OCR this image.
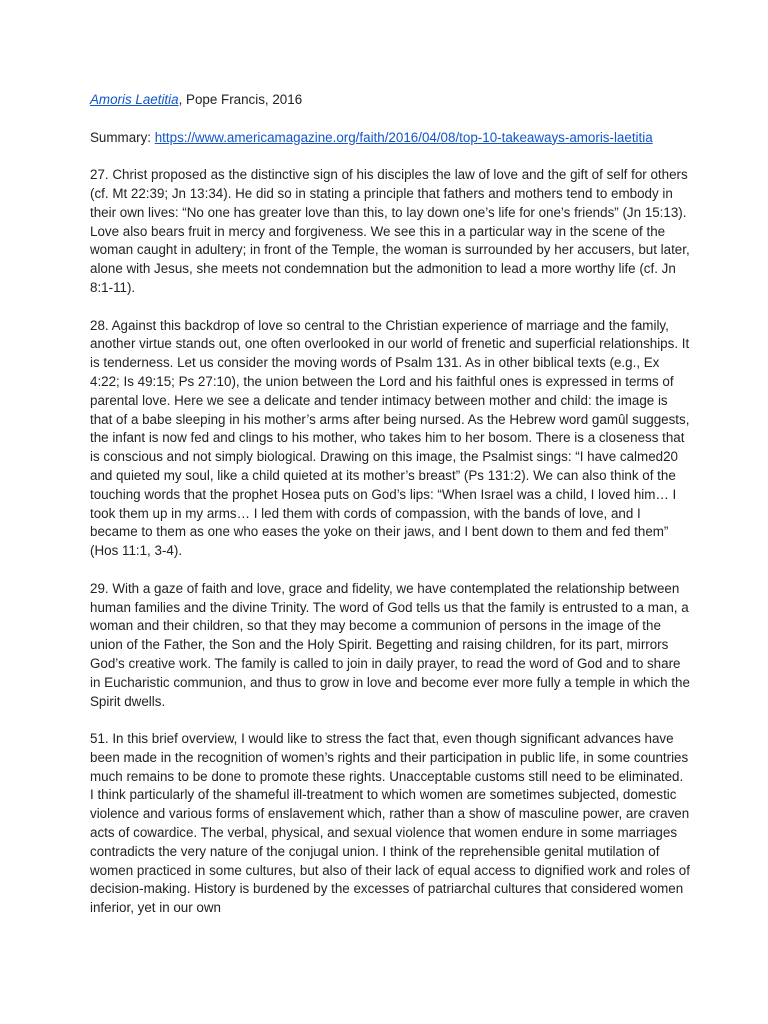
Amoris Laetitia, Pope Francis, 2016

Summary: https://www.americamagazine.org/faith/2016/04/08/top-10-takeaways-amoris-laetitia

27. Christ proposed as the distinctive sign of his disciples the law of love and the gift of self for others (cf. Mt 22:39; Jn 13:34). He did so in stating a principle that fathers and mothers tend to embody in their own lives: “No one has greater love than this, to lay down one’s life for one’s friends” (Jn 15:13). Love also bears fruit in mercy and forgiveness. We see this in a particular way in the scene of the woman caught in adultery; in front of the Temple, the woman is surrounded by her accusers, but later, alone with Jesus, she meets not condemnation but the admonition to lead a more worthy life (cf. Jn 8:1-11).

28. Against this backdrop of love so central to the Christian experience of marriage and the family, another virtue stands out, one often overlooked in our world of frenetic and superficial relationships. It is tenderness. Let us consider the moving words of Psalm 131. As in other biblical texts (e.g., Ex 4:22; Is 49:15; Ps 27:10), the union between the Lord and his faithful ones is expressed in terms of parental love. Here we see a delicate and tender intimacy between mother and child: the image is that of a babe sleeping in his mother’s arms after being nursed. As the Hebrew word gamûl suggests, the infant is now fed and clings to his mother, who takes him to her bosom. There is a closeness that is conscious and not simply biological. Drawing on this image, the Psalmist sings: “I have calmed20 and quieted my soul, like a child quieted at its mother’s breast” (Ps 131:2). We can also think of the touching words that the prophet Hosea puts on God’s lips: “When Israel was a child, I loved him… I took them up in my arms… I led them with cords of compassion, with the bands of love, and I became to them as one who eases the yoke on their jaws, and I bent down to them and fed them” (Hos 11:1, 3-4).

29. With a gaze of faith and love, grace and fidelity, we have contemplated the relationship between human families and the divine Trinity. The word of God tells us that the family is entrusted to a man, a woman and their children, so that they may become a communion of persons in the image of the union of the Father, the Son and the Holy Spirit. Begetting and raising children, for its part, mirrors God’s creative work. The family is called to join in daily prayer, to read the word of God and to share in Eucharistic communion, and thus to grow in love and become ever more fully a temple in which the Spirit dwells.

51. In this brief overview, I would like to stress the fact that, even though significant advances have been made in the recognition of women’s rights and their participation in public life, in some countries much remains to be done to promote these rights. Unacceptable customs still need to be eliminated. I think particularly of the shameful ill-treatment to which women are sometimes subjected, domestic violence and various forms of enslavement which, rather than a show of masculine power, are craven acts of cowardice. The verbal, physical, and sexual violence that women endure in some marriages contradicts the very nature of the conjugal union. I think of the reprehensible genital mutilation of women practiced in some cultures, but also of their lack of equal access to dignified work and roles of decision-making. History is burdened by the excesses of patriarchal cultures that considered women inferior, yet in our own
